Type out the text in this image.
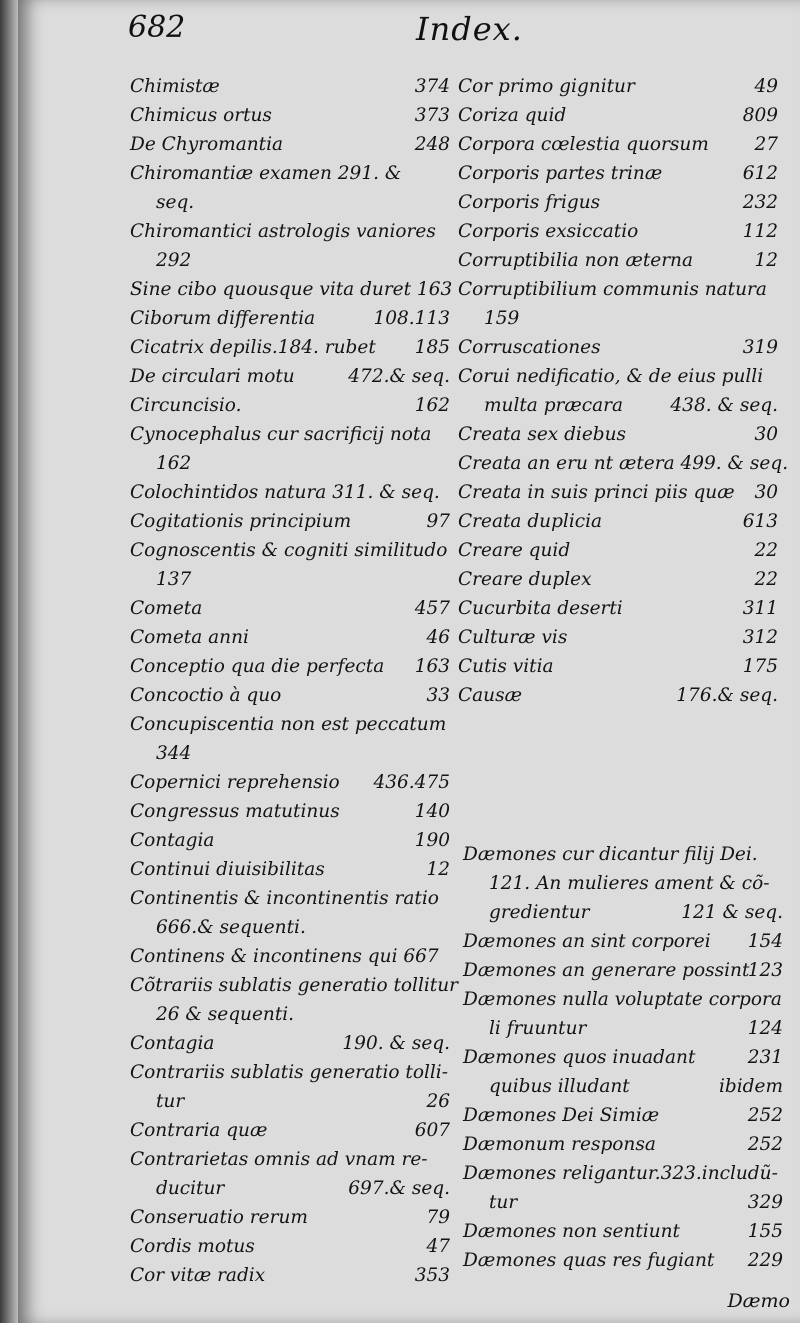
682	Index.
Chimistæ	374
Chimicus ortus	373
De Chyromantia	248
Chiromantiæ examen 291. &
seq.
Chiromantici astrologis vaniores
292
Sine cibo quousque vita duret 163
Ciborum differentia	108.113
Cicatrix depilis.184. rubet 185
De circulari motu	472.& seq.
Circuncisio.	162
Cynocephalus cur sacrificij nota
162
Colochintidos natura 311. & seq.
Cogitationis principium	97
Cognoscentis & cogniti similitudo
137
Cometa	457
Cometa anni	46
Conceptio qua die perfecta 163
Concoctio à quo	33
Concupiscentia non est peccatum
344
Copernici reprehensio 436.475
Congressus matutinus	140
Contagia	190
Continui diuisibilitas	12
Continentis & incontinentis ratio
666.& sequenti.
Continens & incontinens qui 667
Cõtrariis sublatis generatio tollitur
26 & sequenti.
Contagia	190. & seq.
Contrariis sublatis generatio tolli-
tur	26
Contraria quæ	607
Contrarietas omnis ad vnam re-
ducitur	697.& seq.
Conseruatio rerum	79
Cordis motus	47
Cor vitæ radix	353
Cor primo gignitur	49
Coriza quid	809
Corpora cœlestia quorsum 27
Corporis partes trinæ	612
Corporis frigus	232
Corporis exsiccatio	112
Corruptibilia non æterna	12
Corruptibilium communis natura
159
Corruscationes	319
Corui nedificatio, & de eius pulli
multa præcara	438. & seq.
Creata sex diebus	30
Creata an eru nt ætera 499. & seq.
Creata in suis princi piis quæ 30
Creata duplicia	613
Creare quid	22
Creare duplex	22
Cucurbita deserti	311
Culturæ vis	312
Cutis vitia	175
Causæ	176.& seq.
Dæmones cur dicantur filij Dei.
121. An mulieres ament & cõ-
gredientur	121 & seq.
Dæmones an sint corporei 154
Dæmones an generare possint
123
Dæmones nulla voluptate corpora
li fruuntur	124
Dæmones quos inuadant	231
quibus illudant	ibidem
Dæmones Dei Simiæ	252
Dæmonum responsa	252
Dæmones religantur.323.includũ-
tur	329
Dæmones non sentiunt	155
Dæmones quas res fugiant 229
Dæmo
